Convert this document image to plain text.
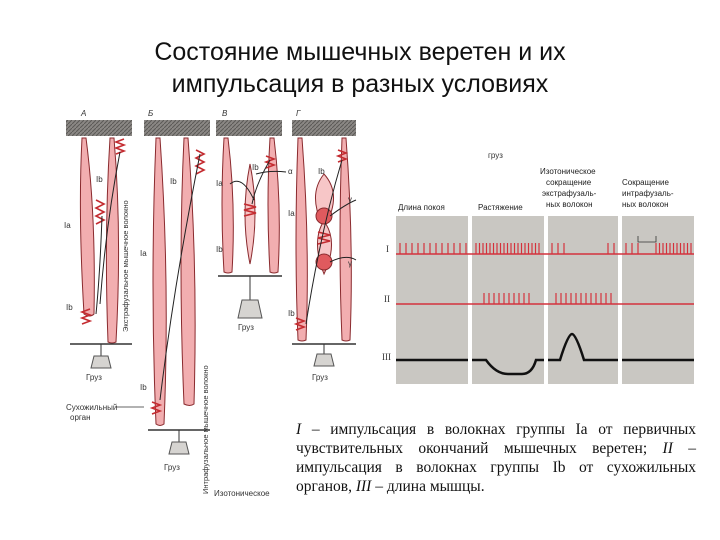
Состояние мышечных веретен и их
импульсация в разных условиях
А	Б	В	Г
Ib
Ia
Ib	Экстрафузальное мышечное волокно
Груз
Сухожильный
орган
Ib
Ia
Ib	Интрафузальное мышечное волокно
Груз
Изотоническое
Ia
Ib	α
Ib
Груз
Ib
Ia
γ
γ
Ib
Груз
груз
Длина покоя	Растяжение
Изотоническое
сокращение
экстрафузаль-
ных волокон
Сокращение
интрафузаль-
ных волокон
I
II
III
I – импульсация в волокнах группы Ia от первичных чувствительных окончаний мышечных веретен; II – импульсация в волокнах группы Ib от сухожильных органов, III – длина мышцы.
